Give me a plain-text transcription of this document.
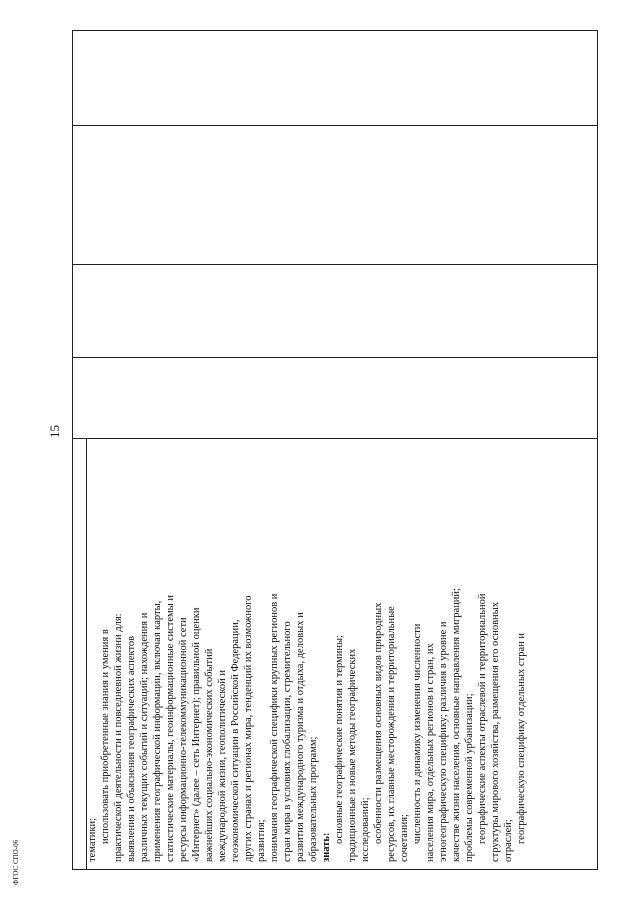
15
ФГОС СПО-06	тематики; использовать приобретенные знания и умения в практической деятельности и повседневной жизни для: выявления и объяснения географических аспектов различных текущих событий и ситуаций; нахождения и применения географической информации, включая карты, статистические материалы, геоинформационные системы и ресурсы информационно-телекоммуникационной сети «Интернет» (далее – сеть Интернет); правильной оценки важнейших социально-экономических событий международной жизни, геополитической и геоэкономической ситуации в Российской Федерации, других странах и регионах мира, тенденций их возможного развития; понимания географической специфики крупных регионов и стран мира в условиях глобализации, стремительного развития международного туризма и отдыха, деловых и образовательных программ; знать:
основные географические понятия и термины; традиционные и новые методы географических исследований; особенности размещения основных видов природных ресурсов, их главные месторождения и территориальные сочетания; численность и динамику изменения численности населения мира, отдельных регионов и стран, их этногеографическую специфику; различия в уровне и качестве жизни населения, основные направления миграций; проблемы современной урбанизации; географические аспекты отраслевой и территориальной структуры мирового хозяйства, размещения его основных отраслей; географическую специфику отдельных стран и
